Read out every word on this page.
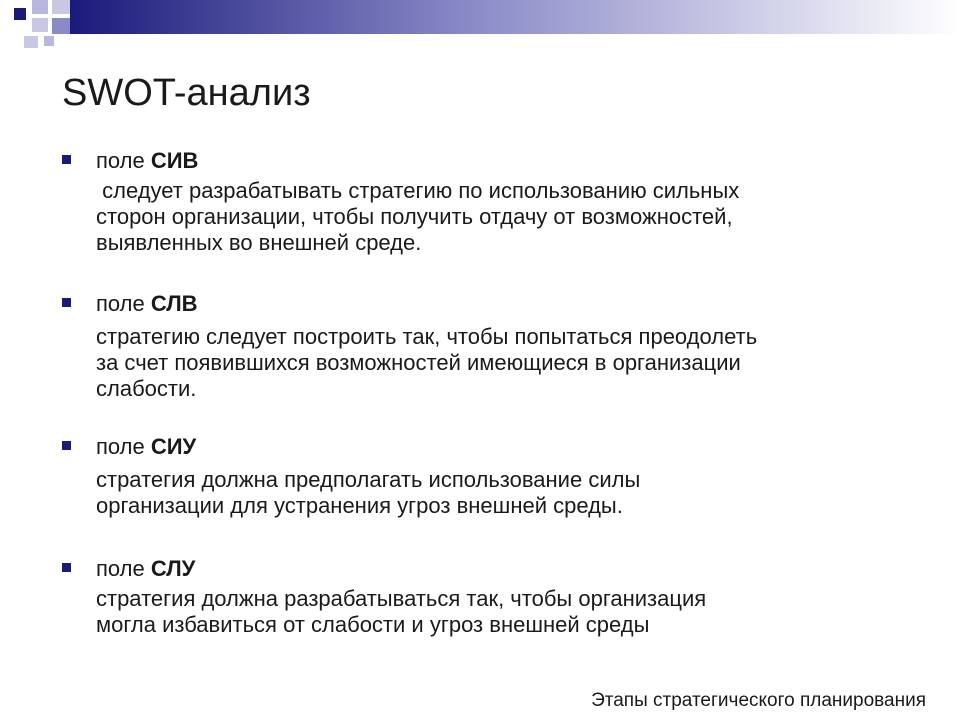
SWOT-анализ
поле СИВ
следует разрабатывать стратегию по использованию сильных
сторон организации, чтобы получить отдачу от возможностей,
выявленных во внешней среде.
поле СЛВ
стратегию следует построить так, чтобы попытаться преодолеть
за счет появившихся возможностей имеющиеся в организации
слабости.
поле СИУ
стратегия должна предполагать использование силы
организации для устранения угроз внешней среды.
поле СЛУ
стратегия должна разрабатываться так, чтобы организация
могла избавиться от слабости и угроз внешней среды
Этапы стратегического планирования
